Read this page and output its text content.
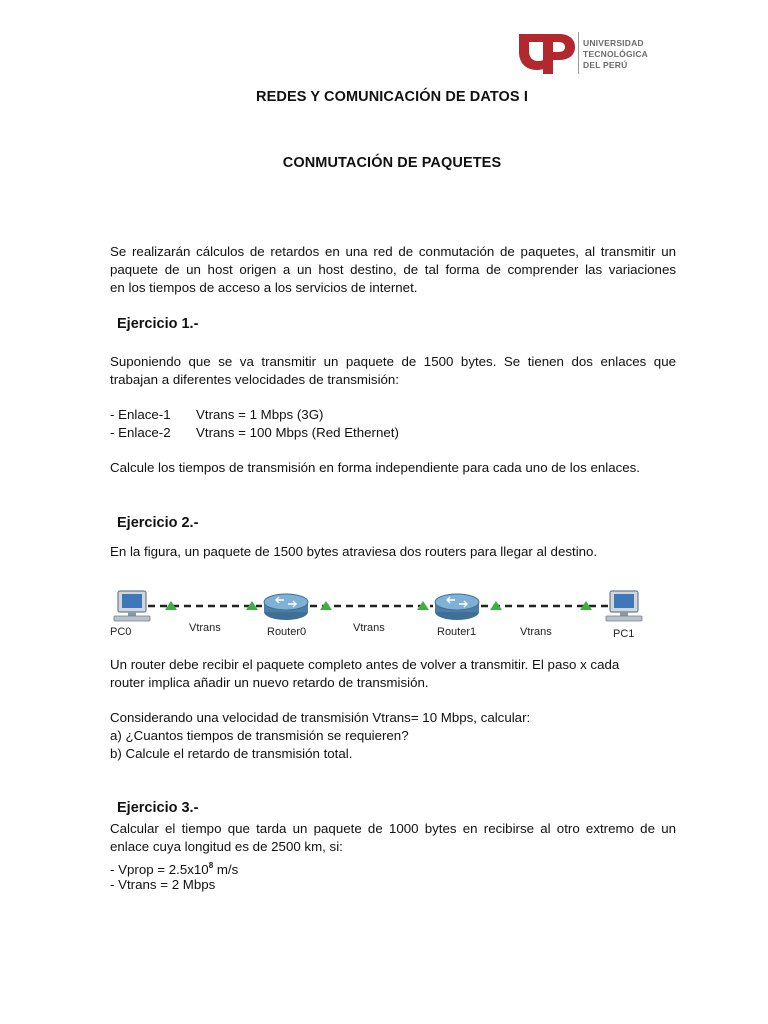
UNIVERSIDAD
TECNOLÓGICA
DEL PERÚ
REDES Y COMUNICACIÓN DE DATOS I
CONMUTACIÓN DE PAQUETES
Se realizarán cálculos de retardos en una red de conmutación de paquetes, al transmitir un
paquete de un host origen a un host destino, de tal forma de comprender las variaciones
en los tiempos de acceso a los servicios de internet.
Ejercicio 1.-
Suponiendo que se va transmitir un paquete de 1500 bytes. Se tienen dos enlaces que
trabajan a diferentes velocidades de transmisión:
- Enlace-1 Vtrans = 1 Mbps (3G)
- Enlace-2 Vtrans = 100 Mbps (Red Ethernet)
Calcule los tiempos de transmisión en forma independiente para cada uno de los enlaces.
Ejercicio 2.-
En la figura, un paquete de 1500 bytes atraviesa dos routers para llegar al destino.
PC0	Vtrans	Router0	Vtrans	Router1	Vtrans	PC1
Un router debe recibir el paquete completo antes de volver a transmitir. El paso x cada
router implica añadir un nuevo retardo de transmisión.
Considerando una velocidad de transmisión Vtrans= 10 Mbps, calcular:
a) ¿Cuantos tiempos de transmisión se requieren?
b) Calcule el retardo de transmisión total.
Ejercicio 3.-
Calcular el tiempo que tarda un paquete de 1000 bytes en recibirse al otro extremo de un
enlace cuya longitud es de 2500 km, si:
- Vprop = $2.5x10^8$ m/s
- Vtrans = 2 Mbps
